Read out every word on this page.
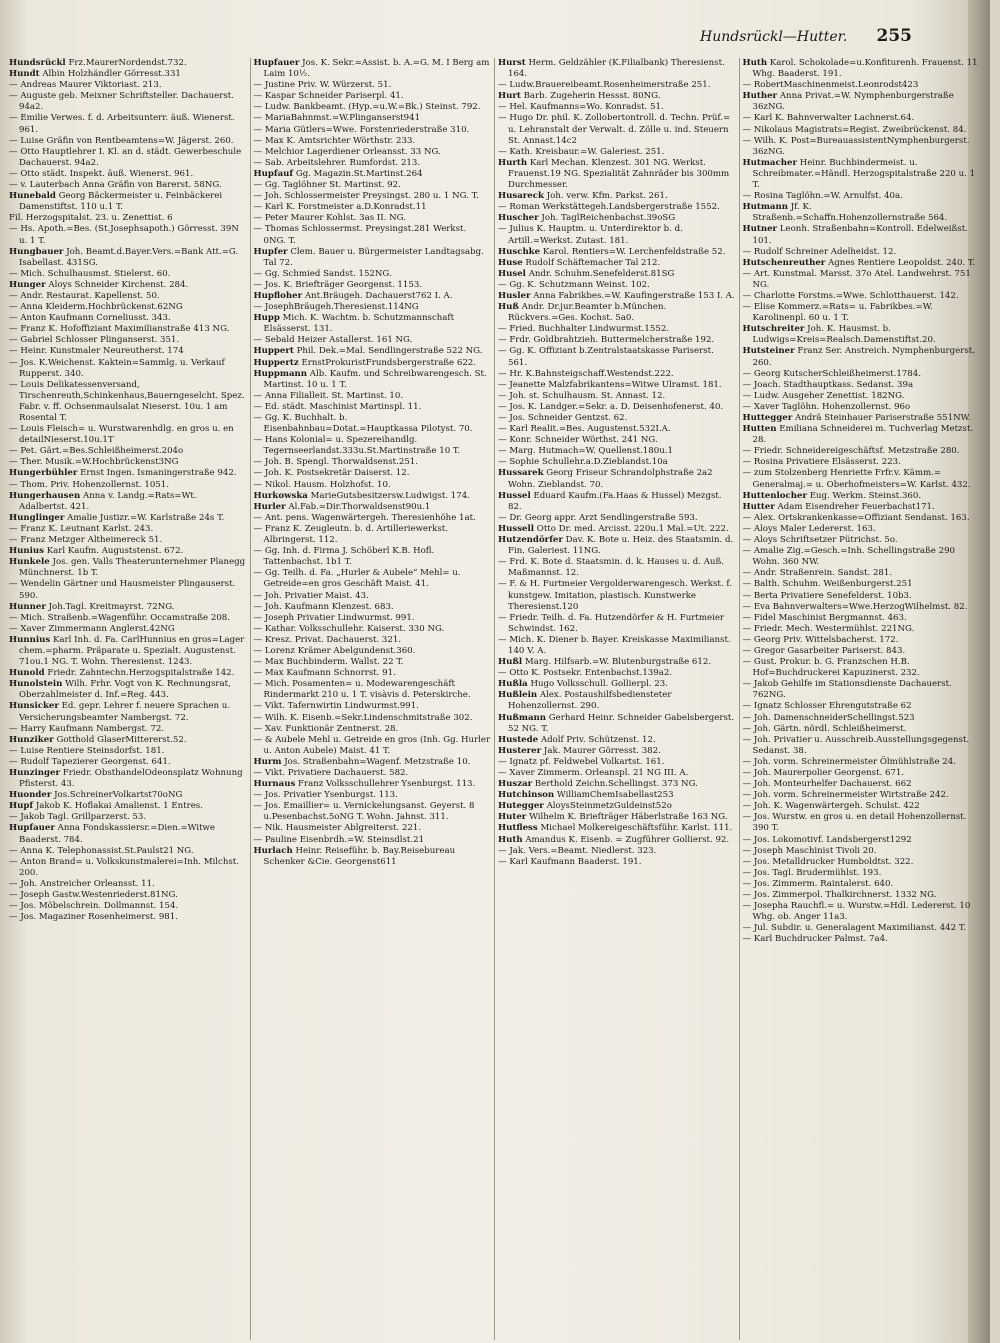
Hundsrückl—Hutter. 255

Hundsrückl Frz.MaurerNordendst.732.

Hundt Albin Holzhändler Görresst.331

— Andreas Maurer Viktoriast. 213.

— Auguste geb. Meixner Schriftsteller. Dachauerst. 94a2.

— Emilie Verwes. f. d. Arbeitsunterr. äuß. Wienerst. 961.

— Luise Gräfin von Rentbeamtens=W. Jägerst. 260.

— Otto Hauptlehrer I. Kl. an d. städt. Gewerbeschule Dachauerst. 94a2.

— Otto städt. Inspekt. äuß. Wienerst. 961.

— v. Lauterbach Anna Gräfin von Barerst. 58NG.

Hunebald Georg Bäckermeister u. Feinbäckerei Damenstiftst. 110 u.1 T.

Fil. Herzogspitalst. 23. u. Zenettist. 6

— Hs. Apoth.=Bes. (St.Josephsapoth.) Görresst. 39N u. 1 T.

Hungbauer Joh. Beamt.d.Bayer.Vers.=Bank Att.=G. Isabellast. 431SG.

— Mich. Schulhausmst. Stielerst. 60.

Hunger Aloys Schneider Kirchenst. 284.

— Andr. Restaurat. Kapellenst. 50.

— Anna Kleiderm.Hochbrückenst.62NG

— Anton Kaufmann Corneliusst. 343.

— Franz K. Hofoffiziant Maximilianstraße 413 NG.

— Gabriel Schlosser Plinganserst. 351.

— Heinr. Kunstmaler Neureutherst. 174

— Jos. K.Weichenst. Kaktein=Sammlg. u. Verkauf Rupperst. 340.

— Louis Delikatessenversand, Tirschenreuth,Schinkenhaus,Bauerngeselcht. Spez. Fabr. v. ff. Ochsenmaulsalat Nieserst. 10u. 1 am Rosental T.

— Louis Fleisch= u. Wurstwarenhdlg. en gros u. en detailNieserst.10u.1T

— Pet. Gärt.=Bes.Schleißheimerst.204o

— Ther. Musik.=W.Hochbrückenst3NG

Hungerbühler Ernst Ingen. Ismaningerstraße 942.

— Thom. Priv. Hohenzollernst. 1051.

Hungerhausen Anna v. Landg.=Rats=Wt. Adalbertst. 421.

Hunglinger Amalie Justizr.=W. Karlstraße 24s T.

— Franz K. Leutnant Karlst. 243.

— Franz Metzger Altheimereck 51.

Hunius Karl Kaufm. Auguststenst. 672.

Hunkele Jos. gen. Valls Theaterunternehmer Planegg Münchnerst. 1b T.

— Wendelin Gärtner und Hausmeister Plingauserst. 590.

Hunner Joh.Tagl. Kreitmayrst. 72NG.

— Mich. Straßenb.=Wagenführ. Occamstraße 208.

— Xaver Zimmermann Anglerst.42NG

Hunnius Karl Inh. d. Fa. CarlHunnius en gros=Lager chem.=pharm. Präparate u. Spezialt. Augustenst. 71ou.1 NG. T. Wohn. Theresienst. 1243.

Hunold Friedr. Zahntechn.Herzogspitalstraße 142.

Hunolstein Wilh. Frhr. Vogt von K. Rechnungsrat, Oberzahlmeister d. Inf.=Reg. 443.

Hunsicker Ed. gepr. Lehrer f. neuere Sprachen u. Versicherungsbeamter Nambergst. 72.

— Harry Kaufmann Nambergst. 72.

Hunziker Gotthold GlaserMittererst.52.

— Luise Rentiere Steinsdorfst. 181.

— Rudolf Tapezierer Georgenst. 641.

Hunzinger Friedr. ObsthandelOdeonsplatz Wohnung Pfisterst. 43.

Huonder Jos.SchreinerVolkartst70oNG

Hupf Jakob K. Hoflakai Amalienst. 1 Entres.

— Jakob Tagl. Grillparzerst. 53.

Hupfauer Anna Fondskassiersr.=Dien.=Witwe Baaderst. 784.

— Anna K. Telephonassist.St.Paulst21 NG.

— Anton Brand= u. Volkskunstmalerei=Inh. Milchst. 200.

— Joh. Anstreicher Orleansst. 11.

— Joseph Gastw.Westenriederst.81NG.

— Jos. Möbelschrein. Dollmannst. 154.

— Jos. Magaziner Rosenheimerst. 981.

Hupfauer Jos. K. Sekr.=Assist. b. A.=G. M. I Berg am Laim 10½.

— Justine Priv. W. Würzerst. 51.

— Kaspar Schneider Pariserpl. 41.

— Ludw. Bankbeamt. (Hyp.=u.W.=Bk.) Steinst. 792.

— MariaBahnmst.=W.Plinganserst941

— Maria Gütlers=Wwe. Forstenriederstraße 310.

— Max K. Amtsrichter Wörthstr. 233.

— Melchior Lagerdiener Orleansst. 33 NG.

— Sab. Arbeitslehrer. Rumfordst. 213.

Hupfauf Gg. Magazin.St.Martinst.264

— Gg. Taglöhner St. Martinst. 92.

— Joh. Schlossermeister Preysingst. 280 u. 1 NG. T.

— Karl K. Forstmeister a.D.Konradst.11

— Peter Maurer Kohlst. 3as II. NG.

— Thomas Schlossermst. Preysingst.281 Werkst. 0NG. T.

Hupfer Clem. Bauer u. Bürgermeister Landtagsabg. Tal 72.

— Gg. Schmied Sandst. 152NG.

— Jos. K. Briefträger Georgenst. 1153.

Hupfloher Ant.Bräugeh. Dachauerst762 I. A.

— JosephBräugeh.Theresienst.114NG

Hupp Mich. K. Wachtm. b. Schutzmannschaft Elsässerst. 131.

— Sebald Heizer Astallerst. 161 NG.

Huppert Phil. Dek.=Mal. Sendlingerstraße 522 NG.

Huppertz ErnstProkuristFrundsbergerstraße 622.

Huppmann Alb. Kaufm. und Schreibwarengesch. St. Martinst. 10 u. 1 T.

— Anna Filialleit. St. Martinst. 10.

— Ed. städt. Maschinist Martinspl. 11.

— Gg. K. Buchhalt. b. Eisenbahnbau=Dotat.=Hauptkassa Pilotyst. 70.

— Hans Kolonial= u. Spezereihandlg. Tegernseerlandst.333u.St.Martinstraße 10 T.

— Joh. B. Spengl. Thorwaldsenst.251.

— Joh. K. Postsekretär Daiserst. 12.

— Nikol. Hausm. Holzhofst. 10.

Hurkowska MarieGutsbesitzersw.Ludwigst. 174.

Hurler Al.Fab.=Dir.Thorwaldsenst90u.1

— Ant. pens. Wagenwärtergeh. Theresienhöhe 1at.

— Franz K. Zeugleutn. b. d. Artilleriewerkst. Albringerst. 112.

— Gg. Inh. d. Firma J. Schöberl K.B. Hofl. Tattenbachst. 1b1 T.

— Gg. Teilh. d. Fa. „Hurler & Aubele“ Mehl= u. Getreide=en gros Geschäft Maist. 41.

— Joh. Privatier Maist. 43.

— Joh. Kaufmann Klenzest. 683.

— Joseph Privatier Lindwurmst. 991.

— Kathar. Volksschullehr. Kaiserst. 330 NG.

— Kresz. Privat. Dachauerst. 321.

— Lorenz Krämer Abelgundenst.360.

— Max Buchbinderm. Wallst. 22 T.

— Max Kaufmann Schnorrst. 91.

— Mich. Posamenten= u. Modewarengeschäft Rindermarkt 210 u. 1 T. visàvis d. Peterskirche.

— Vikt. Tafernwirtin Lindwurmst.991.

— Wilh. K. Eisenb.=Sekr.Lindenschmitstraße 302.

— Xav. Funktionär Zentnerst. 28.

— & Aubele Mehl u. Getreide en gros (Inh. Gg. Hurler u. Anton Aubele) Maist. 41 T.

Hurm Jos. Straßenbahn=Wagenf. Metzstraße 10.

— Vikt. Privatiere Dachauerst. 582.

Hurnaus Franz Volksschullehrer Ysenburgst. 113.

— Jos. Privatier Ysenburgst. 113.

— Jos. Emaillier= u. Vernickelungsanst. Geyerst. 8 u.Pesenbachst.5oNG T. Wohn. Jahnst. 311.

— Nik. Hausmeister Ablgreiterst. 221.

— Pauline Eisenbrdh.=W. Steinsdlst.21

Hurlach Heinr. Reiseführ. b. Bay.Reisebureau Schenker &Cie. Georgenst611

Hurst Herm. Geldzähler (K.Filialbank) Theresienst. 164.

— Ludw.Brauereibeamt.Rosenheimerstraße 251.

Hurt Barb. Zugeherin Hessst. 80NG.

— Hel. Kaufmanns=Wo. Konradst. 51.

— Hugo Dr. phil. K. Zollobertontroll. d. Techn. Prüf.= u. Lehranstalt der Verwalt. d. Zölle u. ind. Steuern St. Annast.14c2

— Kath. Kreisbaur.=W. Galeriest. 251.

Hurth Karl Mechan. Klenzest. 301 NG. Werkst. Frauenst.19 NG. Spezialität Zahnräder bis 300mm Durchmesser.

Husareck Joh. verw. Kfm. Parkst. 261.

— Roman Werkstättegeh.Landsbergerstraße 1552.

Huscher Joh. TaglReichenbachst.39oSG

— Julius K. Hauptm. u. Unterdirektor b. d. Artill.=Werkst. Zutast. 181.

Huschke Karol. Rentiers=W. Lerchenfeldstraße 52.

Huse Rudolf Schäftemacher Tal 212.

Husel Andr. Schuhm.Senefelderst.81SG

— Gg. K. Schutzmann Weinst. 102.

Husler Anna Fabrikbes.=W. Kaufingerstraße 153 I. A.

Huß Andr. Dr.jur.Beamter b.München. Rückvers.=Ges. Kochst. 5a0.

— Fried. Buchhalter Lindwurmst.1552.

— Frdr. Goldbrahtzieh. Buttermelcherstraße 192.

— Gg. K. Offiziant b.Zentralstaatskasse Pariserst. 561.

— Hr. K.Bahnsteigschaff.Westendst.222.

— Jeanette Malzfabrikantens=Witwe Ulramst. 181.

— Joh. st. Schulhausm. St. Annast. 12.

— Jos. K. Landger.=Sekr. a. D. Deisenhofenerst. 40.

— Jos. Schneider Gentzst. 62.

— Karl Realit.=Bes. Augustenst.532I.A.

— Konr. Schneider Wörthst. 241 NG.

— Marg. Hutmach=W. Quellenst.180u.1

— Sophie Schullehr.a.D.Zieblandst.10a

Hussarek Georg Friseur Schrandolphstraße 2a2 Wohn. Zieblandst. 70.

Hussel Eduard Kaufm.(Fa.Haas & Hussel) Mezgst. 82.

— Dr. Georg appr. Arzt Sendlingerstraße 593.

Hussell Otto Dr. med. Arcisst. 220u.1 Mal.=Ut. 222.

Hutzendörfer Dav. K. Bote u. Heiz. des Staatsmin. d. Fin. Galeriest. 11NG.

— Frd. K. Bote d. Staatsmin. d. k. Hauses u. d. Auß. Maßmannst. 12.

— F. & H. Furtmeier Vergolderwarengesch. Werkst. f. kunstgew. Imitation, plastisch. Kunstwerke Theresienst.120

— Friedr. Teilh. d. Fa. Hutzendörfer & H. Furtmeier Schwindst. 162.

— Mich. K. Diener b. Bayer. Kreiskasse Maximilianst. 140 V. A.

Hußl Marg. Hilfsarb.=W. Blutenburgstraße 612.

— Otto K. Postsekr. Entenbachst.139a2.

Hußla Hugo Volksschull. Gollierpl. 23.

Hußlein Alex. Postaushilfsbediensteter Hohenzollernst. 290.

Hußmann Gerhard Heinr. Schneider Gabelsbergerst. 52 NG. T.

Hustede Adolf Priv. Schützenst. 12.

Husterer Jak. Maurer Görresst. 382.

— Ignatz pf. Feldwebel Volkartst. 161.

— Xaver Zimmerm. Orleanspl. 21 NG III. A.

Huszar Berthold Zeichn.Schellingst. 373 NG.

Hutchinson WilliamChemIsabellast253

Hutegger AloysSteinmetzGuldeinst52o

Huter Wilhelm K. Briefträger Häberlstraße 163 NG.

Hutfless Michael Molkereigeschäftsführ. Karlst. 111.

Huth Amandus K. Eisenb. = Zugführer Gollierst. 92.

— Jak. Vers.=Beamt. Niedlerst. 323.

— Karl Kaufmann Baaderst. 191.

Huth Karol. Schokolade=u.Konfiturenh. Frauenst. 11 Whg. Baaderst. 191.

— RobertMaschinenmeist.Leonrodst423

Huther Anna Privat.=W. Nymphenburgerstraße 36zNG.

— Karl K. Bahnverwalter Lachnerst.64.

— Nikolaus Magistrats=Regist. Zweibrückenst. 84.

— Wilh. K. Post=BureauassistentNymphenburgerst. 36zNG.

Hutmacher Heinr. Buchbindermeist. u. Schreibmater.=Händl. Herzogspitalstraße 220 u. 1 T.

— Rosina Taglöhn.=W. Arnulfst. 40a.

Hutmann Jf. K. Straßenb.=Schaffn.Hohenzollernstraße 564.

Hutner Leonh. Straßenbahn=Kontroll. Edelweißst. 101.

— Rudolf Schreiner Adelheidst. 12.

Hutschenreuther Agnes Rentiere Leopoldst. 240. T.

— Art. Kunstmal. Marsst. 37o Atel. Landwehrst. 751 NG.

— Charlotte Forstms.=Wwe. Schlotthauerst. 142.

— Elise Kommerz.=Rats= u. Fabrikbes.=W. Karolinenpl. 60 u. 1 T.

Hutschreiter Joh. K. Hausmst. b. Ludwigs=Kreis=Realsch.Damenstiftst.20.

Hutsteiner Franz Ser. Anstreich. Nymphenburgerst. 260.

— Georg KutscherSchleißheimerst.1784.

— Joach. Stadthauptkass. Sedanst. 39a

— Ludw. Ausgeher Zenettist. 182NG.

— Xaver Taglöhn. Hohenzollernst. 96o

Huttegger Andrä Steinhauer Pariserstraße 551NW.

Hutten Emiliana Schneiderei m. Tuchverlag Metzst. 28.

— Friedr. Schneidereigeschäftsf. Metzstraße 280.

— Rosina Privatiere Elsässerst. 223.

— zum Stolzenberg Henriette Frfr.v. Kämm.= Generalmaj.= u. Oberhofmeisters=W. Karlst. 432.

Huttenlocher Eug. Werkm. Steinst.360.

Hutter Adam Eisendreher Feuerbachst171.

— Alex. Ortskrankenkasse=Offiziant Sendanst. 163.

— Aloys Maler Ledererst. 163.

— Aloys Schriftsetzer Pütrichst. 5o.

— Amalie Zig.=Gesch.=Inh. Schellingstraße 290 Wohn. 360 NW.

— Andr. Straßenrein. Sandst. 281.

— Balth. Schuhm. Weißenburgerst.251

— Berta Privatiere Senefelderst. 10b3.

— Eva Bahnverwalters=Wwe.HerzogWilhelmst. 82.

— Fidel Maschinist Bergmannst. 463.

— Friedr. Mech. Westermühlst. 221NG.

— Georg Priv. Wittelsbacherst. 172.

— Gregor Gasarbeiter Pariserst. 843.

— Gust. Prokur. b. G. Franzschen H.B. Hof=Buchdruckerei Kapuzinerst. 232.

— Jakob Gehilfe im Stationsdienste Dachauerst. 762NG.

— Ignatz Schlosser Ehrengutstraße 62

— Joh. DamenschneiderSchellingst.523

— Joh. Gärtn. nördl. Schleißheimerst.

— Joh. Privatier u. Ausschreib.Ausstellungsgegenst. Sedanst. 38.

— Joh. vorm. Schreinermeister Ölmühlstraße 24.

— Joh. Maurerpolier Georgenst. 671.

— Joh. Monteurhelfer Dachauerst. 662

— Joh. vorm. Schreinermeister Wirtstraße 242.

— Joh. K. Wagenwärtergeh. Schulst. 422

— Jos. Wurstw. en gros u. en detail Hohenzollernst. 390 T.

— Jos. Lokomotivf. Landsbergerst1292

— Joseph Maschinist Tivoli 20.

— Jos. Metalldrucker Humboldtst. 322.

— Jos. Tagl. Brudermühlst. 193.

— Jos. Zimmerm. Raintalerst. 640.

— Jos. Zimmerpol. Thalkirchnerst. 1332 NG.

— Josepha Rauchfl.= u. Wurstw.=Hdl. Ledererst. 10 Whg. ob. Anger 11a3.

— Jul. Subdir. u. Generalagent Maximilianst. 442 T.

— Karl Buchdrucker Palmst. 7a4.
